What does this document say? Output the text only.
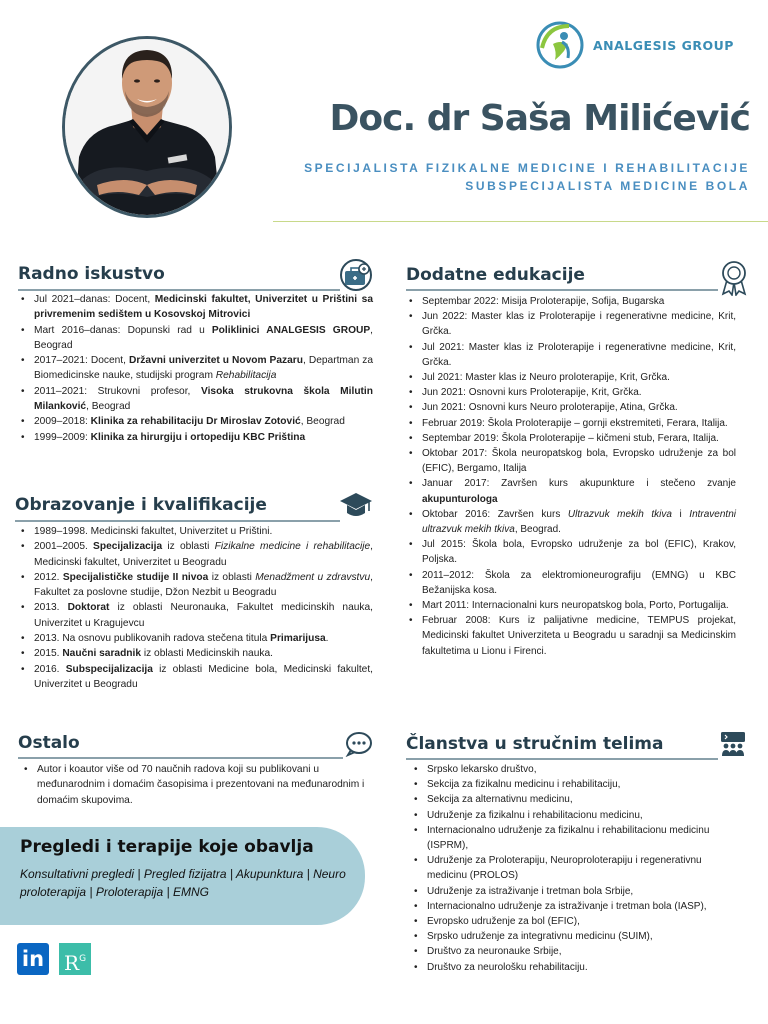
ANALGESIS GROUP
Doc. dr Saša Milićević
SPECIJALISTA FIZIKALNE MEDICINE I REHABILITACIJE
SUBSPECIJALISTA MEDICINE BOLA
Radno iskustvo
• Jul 2021–danas: Docent, Medicinski fakultet, Univerzitet u Prištini sa privremenim sedištem u Kosovskoj Mitrovici
• Mart 2016–danas: Dopunski rad u Poliklinici ANALGESIS GROUP, Beograd
• 2017–2021: Docent, Državni univerzitet u Novom Pazaru, Departman za Biomedicinske nauke, studijski program Rehabilitacija
• 2011–2021: Strukovni profesor, Visoka strukovna škola Milutin Milanković, Beograd
• 2009–2018: Klinika za rehabilitaciju Dr Miroslav Zotović, Beograd
• 1999–2009: Klinika za hirurgiju i ortopediju KBC Priština
Obrazovanje i kvalifikacije
• 1989–1998. Medicinski fakultet, Univerzitet u Prištini.
• 2001–2005. Specijalizacija iz oblasti Fizikalne medicine i rehabilitacije, Medicinski fakultet, Univerzitet u Beogradu
• 2012. Specijalističke studije II nivoa iz oblasti Menadžment u zdravstvu, Fakultet za poslovne studije, Džon Nezbit u Beogradu
• 2013. Doktorat iz oblasti Neuronauka, Fakultet medicinskih nauka, Univerzitet u Kragujevcu
• 2013. Na osnovu publikovanih radova stečena titula Primarijusa.
• 2015. Naučni saradnik iz oblasti Medicinskih nauka.
• 2016. Subspecijalizacija iz oblasti Medicine bola, Medicinski fakultet, Univerzitet u Beogradu
Ostalo
• Autor i koautor više od 70 naučnih radova koji su publikovani u međunarodnim i domaćim časopisima i prezentovani na međunarodnim i domaćim skupovima.
Dodatne edukacije
• Septembar 2022: Misija Proloterapije, Sofija, Bugarska
• Jun 2022: Master klas iz Proloterapije i regenerativne medicine, Krit, Grčka.
• Jul 2021: Master klas iz Proloterapije i regenerativne medicine, Krit, Grčka.
• Jul 2021: Master klas iz Neuro proloterapije, Krit, Grčka.
• Jun 2021: Osnovni kurs Proloterapije, Krit, Grčka.
• Jun 2021: Osnovni kurs Neuro proloterapije, Atina, Grčka.
• Februar 2019: Škola Proloterapije – gornji ekstremiteti, Ferara, Italija.
• Septembar 2019: Škola Proloterapije – kičmeni stub, Ferara, Italija.
• Oktobar 2017: Škola neuropatskog bola, Evropsko udruženje za bol (EFIC), Bergamo, Italija
• Januar 2017: Završen kurs akupunkture i stečeno zvanje akupunturologa
• Oktobar 2016: Završen kurs Ultrazvuk mekih tkiva i Intraventni ultrazvuk mekih tkiva, Beograd.
• Jul 2015: Škola bola, Evropsko udruženje za bol (EFIC), Krakov, Poljska.
• 2011–2012: Škola za elektromioneurografiju (EMNG) u KBC Bežanijska kosa.
• Mart 2011: Internacionalni kurs neuropatskog bola, Porto, Portugalija.
• Februar 2008: Kurs iz palijativne medicine, TEMPUS projekat, Medicinski fakultet Univerziteta u Beogradu u saradnji sa Medicinskim fakultetima u Lionu i Firenci.
Članstva u stručnim telima
• Srpsko lekarsko društvo,
• Sekcija za fizikalnu medicinu i rehabilitaciju,
• Sekcija za alternativnu medicinu,
• Udruženje za fizikalnu i rehabilitacionu medicinu,
• Internacionalno udruženje za fizikalnu i rehabilitacionu medicinu (ISPRM),
• Udruženje za Proloterapiju, Neuroproloterapiju i regenerativnu medicinu (PROLOS)
• Udruženje za istraživanje i tretman bola Srbije,
• Internacionalno udruženje za istraživanje i tretman bola (IASP),
• Evropsko udruženje za bol (EFIC),
• Srpsko udruženje za integrativnu medicinu (SUIM),
• Društvo za neuronauke Srbije,
• Društvo za neurološku rehabilitaciju.
Pregledi i terapije koje obavlja
Konsultativni pregledi | Pregled fizijatra | Akupunktura | Neuro proloterapija | Proloterapija | EMNG
in $R^G$
